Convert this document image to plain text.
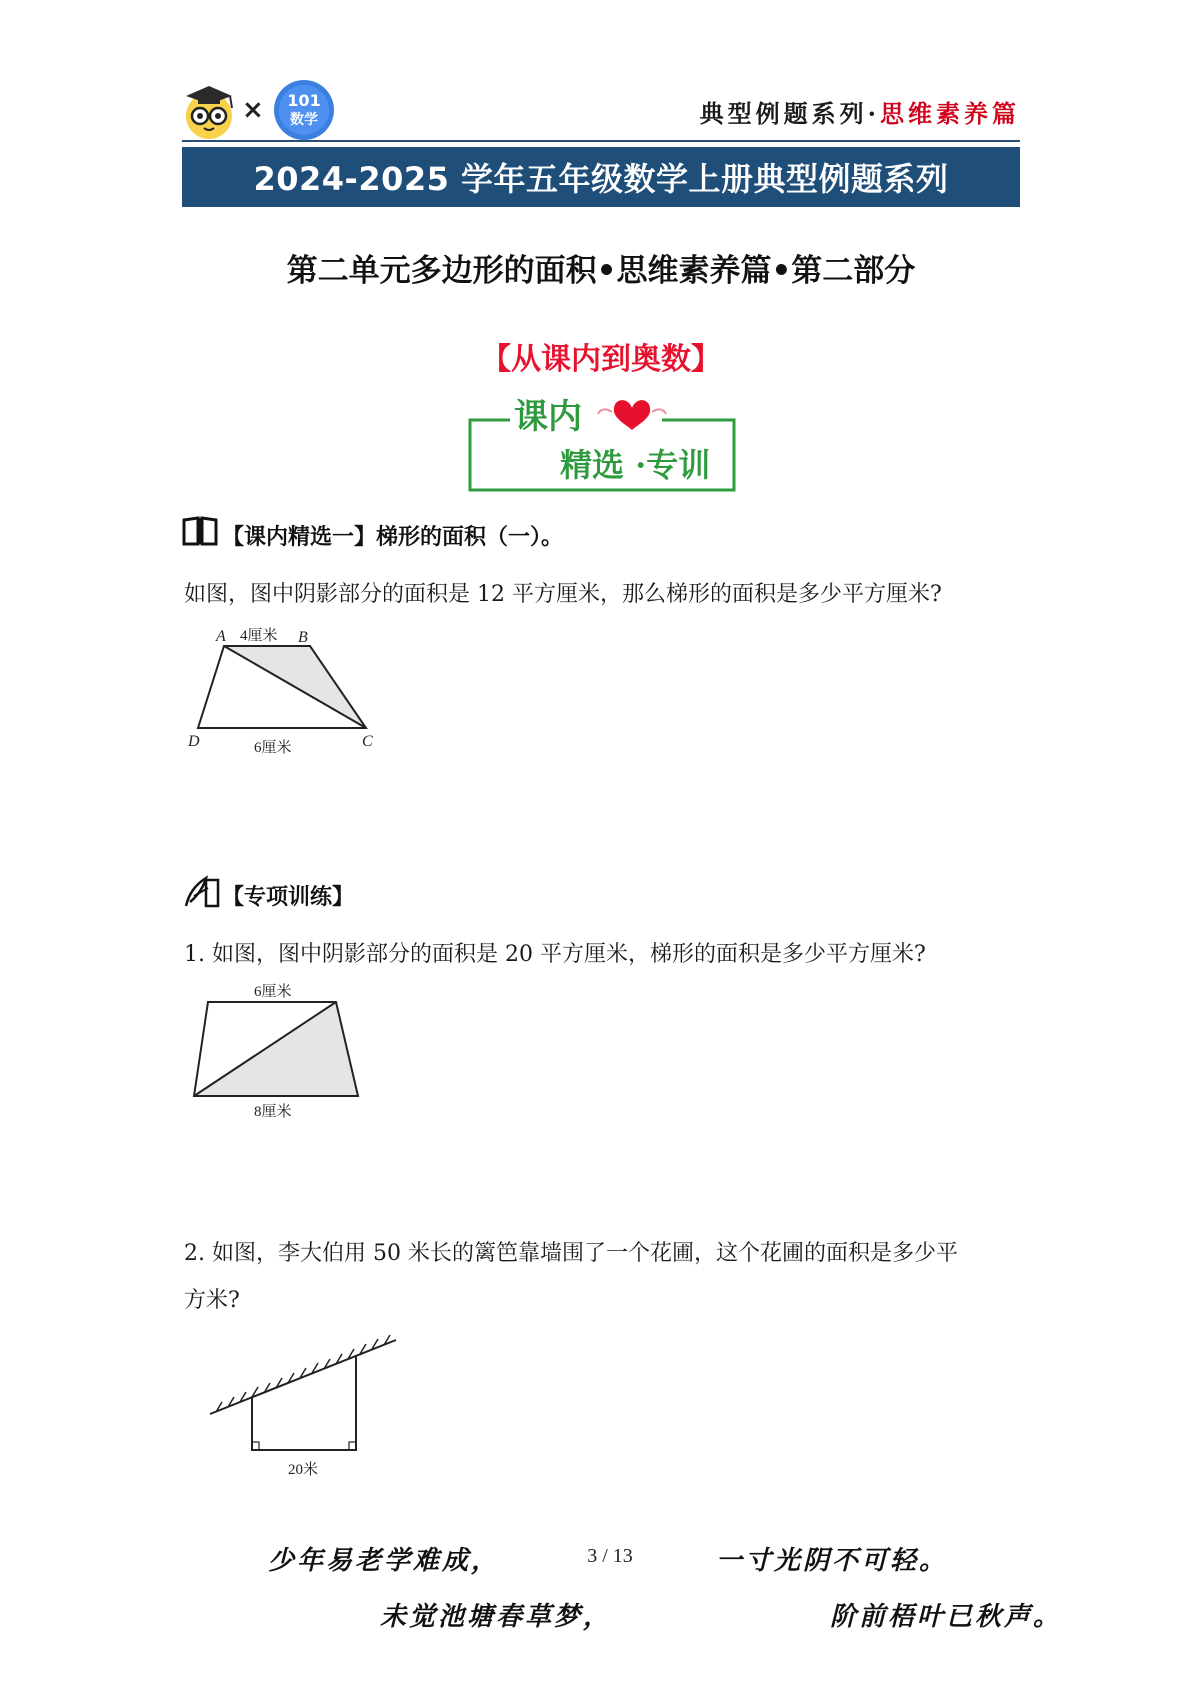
× 101
数学	典型例题系列·思维素养篇
2024-2025 学年五年级数学上册典型例题系列
第二单元多边形的面积•思维素养篇•第二部分
【从课内到奥数】
课内
精选 ·专训
【课内精选一】梯形的面积（一）。
如图，图中阴影部分的面积是 12 平方厘米，那么梯形的面积是多少平方厘米?
A	B
C
D
4厘米
6厘米
【专项训练】
1. 如图，图中阴影部分的面积是 20 平方厘米，梯形的面积是多少平方厘米?
6厘米
8厘米
2. 如图，李大伯用 50 米长的篱笆靠墙围了一个花圃，这个花圃的面积是多少平
方米?
20米
少年易老学难成，	3 / 13	一寸光阴不可轻。
未觉池塘春草梦，	阶前梧叶已秋声。
